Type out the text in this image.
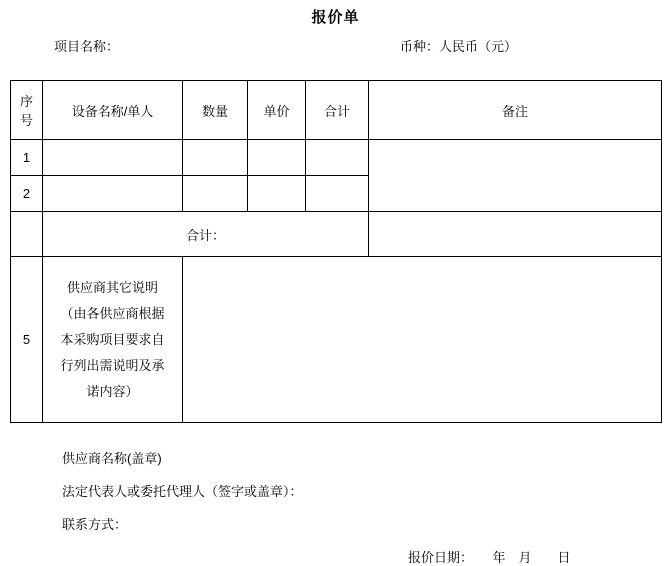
报价单
项目名称：	币种：人民币（元）
序号	设备名称/单人	数量	单价	合计	备注
1					
2					
	合计：				
5	供应商其它说明
（由各供应商根据
本采购项目要求自
行列出需说明及承
诺内容）				

供应商名称(盖章)
法定代表人或委托代理人（签字或盖章）：
联系方式：
报价日期：　　年　月　　日
